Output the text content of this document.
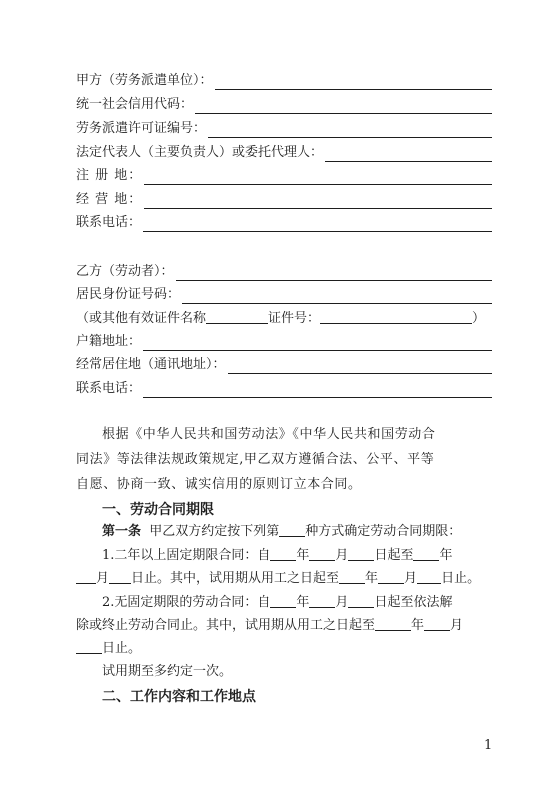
甲方（劳务派遣单位）：
统一社会信用代码：
劳务派遣许可证编号：
法定代表人（主要负责人）或委托代理人：
注 册 地：
经 营 地：
联系电话：
乙方（劳动者）：
居民身份证号码：
（或其他有效证件名称	证件号：	）
户籍地址：
经常居住地（通讯地址）：
联系电话：
根据《中华人民共和国劳动法》《中华人民共和国劳动合
同法》等法律法规政策规定,甲乙双方遵循合法、公平、平等
自愿、协商一致、诚实信用的原则订立本合同。
一、劳动合同期限
第一条 甲乙双方约定按下列第 种方式确定劳动合同期限：
1.二年以上固定期限合同：自 年 月 日起至 年
月 日止。其中，试用期从用工之日起至 年 月 日止。
2.无固定期限的劳动合同：自 年 月 日起至依法解
除或终止劳动合同止。其中，试用期从用工之日起至	年 月
日止。
试用期至多约定一次。
二、工作内容和工作地点
1
